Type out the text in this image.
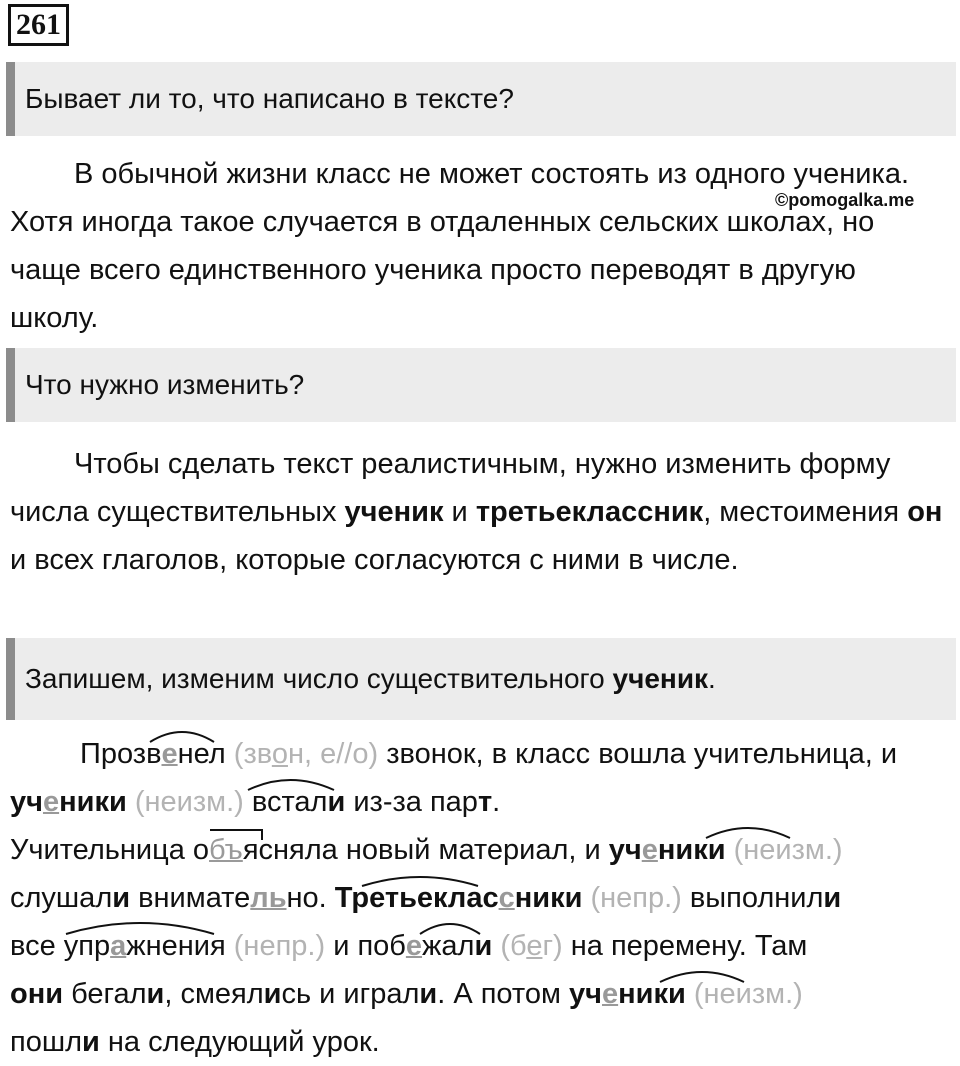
261
Бывает ли то, что написано в тексте?
©pomogalka.me

В обычной жизни класс не может состоять из одного ученика. Хотя иногда такое случается в отдаленных сельских школах, но чаще всего единственного ученика просто переводят в другую школу.

Что нужно изменить?

Чтобы сделать текст реалистичным, нужно изменить форму числа существительных ученик и третьеклассник, местоимения он и всех глаголов, которые согласуются с ними в числе.

Запишем, изменим число существительного ученик.

Прозвенел (звон, е//о) звонок, в класс вошла учительница, и ученики (неизм.) встали из-за парт.
Учительница объясняла новый материал, и ученики (неизм.)
слушали внимательно. Третьеклассники (непр.) выполнили
все упражнения (непр.) и побежали (бег) на перемену. Там
они бегали, смеялись и играли. А потом ученики (неизм.)
пошли на следующий урок.
